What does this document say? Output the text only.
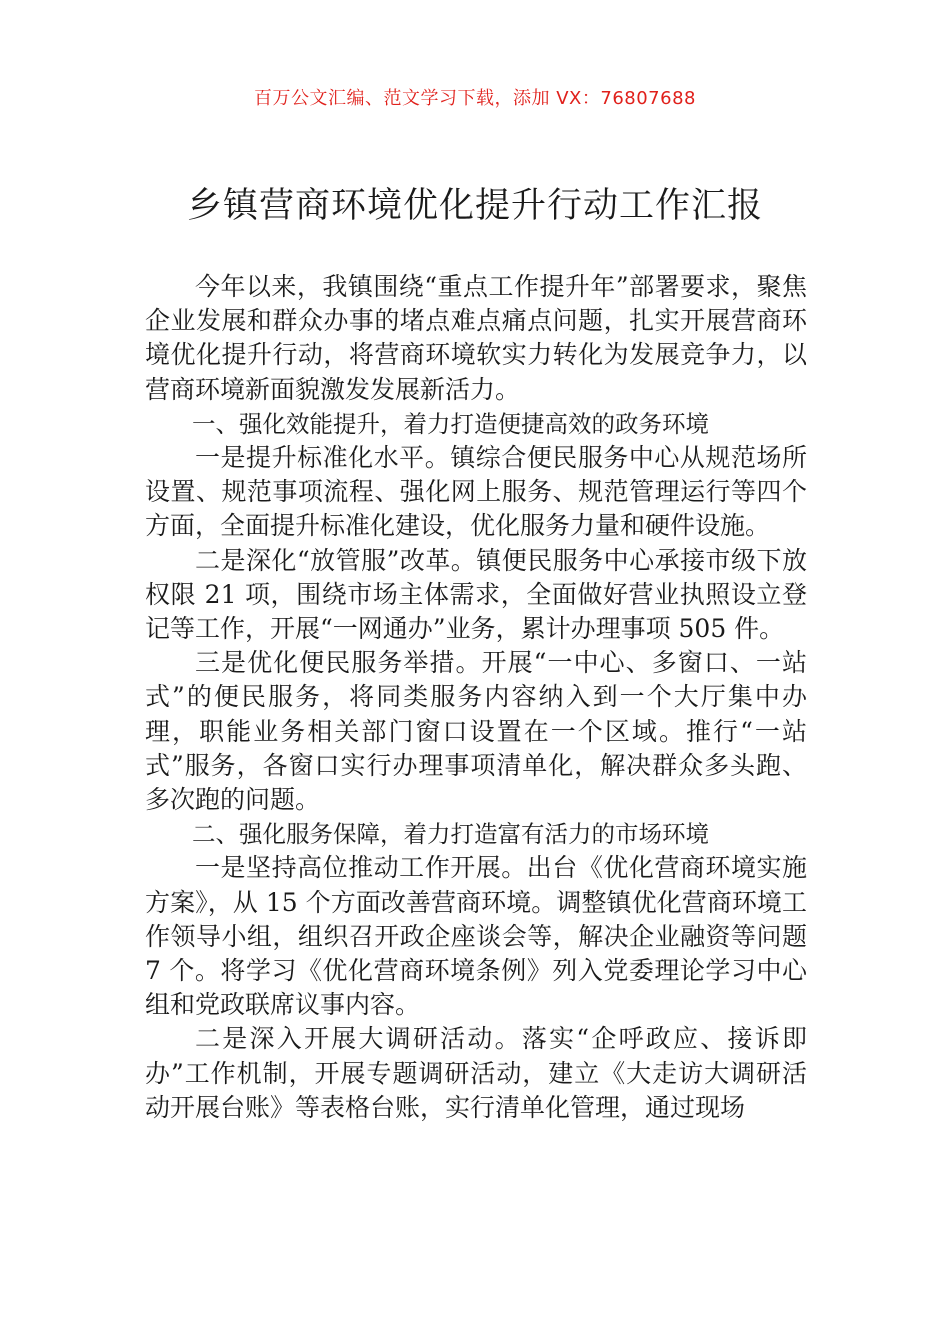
百万公文汇编、范文学习下载，添加 VX：76807688
乡镇营商环境优化提升行动工作汇报

今年以来，我镇围绕“重点工作提升年”部署要求，聚焦企业发展和群众办事的堵点难点痛点问题，扎实开展营商环境优化提升行动，将营商环境软实力转化为发展竞争力，以营商环境新面貌激发发展新活力。

一、强化效能提升，着力打造便捷高效的政务环境

一是提升标准化水平。镇综合便民服务中心从规范场所设置、规范事项流程、强化网上服务、规范管理运行等四个方面，全面提升标准化建设，优化服务力量和硬件设施。

二是深化“放管服”改革。镇便民服务中心承接市级下放权限 21 项，围绕市场主体需求，全面做好营业执照设立登记等工作，开展“一网通办”业务，累计办理事项 505 件。

三是优化便民服务举措。开展“一中心、多窗口、一站式”的便民服务，将同类服务内容纳入到一个大厅集中办理，职能业务相关部门窗口设置在一个区域。推行“一站式”服务，各窗口实行办理事项清单化，解决群众多头跑、多次跑的问题。

二、强化服务保障，着力打造富有活力的市场环境

一是坚持高位推动工作开展。出台《优化营商环境实施方案》，从 15 个方面改善营商环境。调整镇优化营商环境工作领导小组，组织召开政企座谈会等，解决企业融资等问题 7 个。将学习《优化营商环境条例》列入党委理论学习中心组和党政联席议事内容。

二是深入开展大调研活动。落实“企呼政应、接诉即办”工作机制，开展专题调研活动，建立《大走访大调研活动开展台账》等表格台账，实行清单化管理，通过现场
